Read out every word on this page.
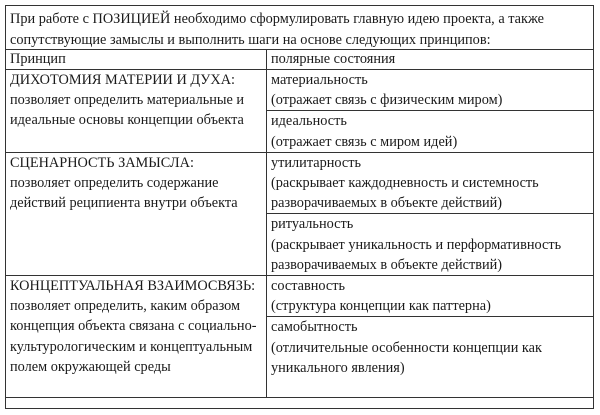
При работе с ПОЗИЦИЕЙ необходимо сформулировать главную идею проекта, а также сопутствующие замыслы и выполнить шаги на основе следующих принципов:
Принцип	полярные состояния
ДИХОТОМИЯ МАТЕРИИ И ДУХА:
позволяет определить материальные и идеальные основы концепции объекта	материальность
(отражает связь с физическим миром)

	идеальность
(отражает связь с миром идей)

СЦЕНАРНОСТЬ ЗАМЫСЛА:
позволяет определить содержание действий реципиента внутри объекта	утилитарность
(раскрывает каждодневность и системность разворачиваемых в объекте действий)

	ритуальность
(раскрывает уникальность и перформативность разворачиваемых в объекте действий)

КОНЦЕПТУАЛЬНАЯ ВЗАИМОСВЯЗЬ: позволяет определить, каким образом концепция объекта связана с социально-культурологическим и концептуальным полем окружающей среды	составность
(структура концепции как паттерна)

	самобытность
(отличительные особенности концепции как уникального явления)
